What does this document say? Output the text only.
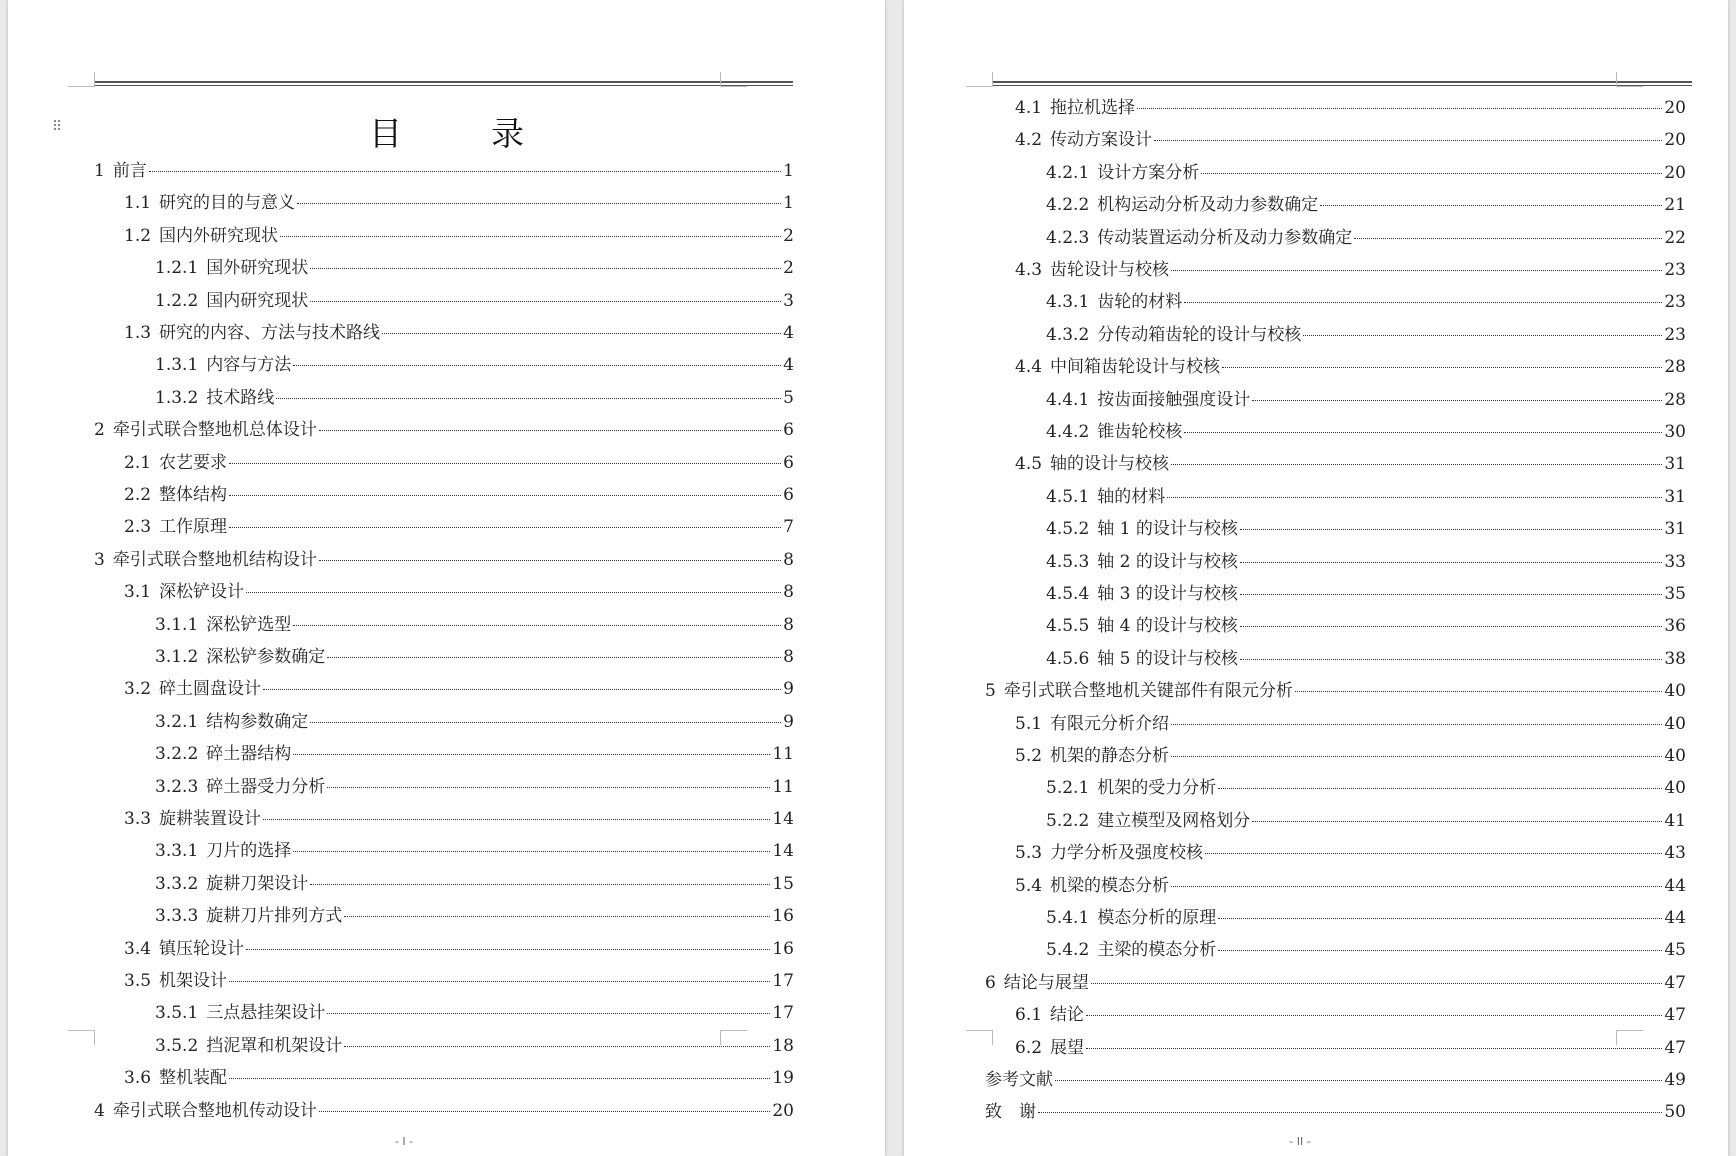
⠿	目　录
1 前言	1
1.1 研究的目的与意义	1
1.2 国内外研究现状	2
1.2.1 国外研究现状	2
1.2.2 国内研究现状	3
1.3 研究的内容、方法与技术路线	4
1.3.1 内容与方法	4
1.3.2 技术路线	5
2 牵引式联合整地机总体设计	6
2.1 农艺要求	6
2.2 整体结构	6
2.3 工作原理	7
3 牵引式联合整地机结构设计	8
3.1 深松铲设计	8
3.1.1 深松铲选型	8
3.1.2 深松铲参数确定	8
3.2 碎土圆盘设计	9
3.2.1 结构参数确定	9
3.2.2 碎土器结构	11
3.2.3 碎土器受力分析	11
3.3 旋耕装置设计	14
3.3.1 刀片的选择	14
3.3.2 旋耕刀架设计	15
3.3.3 旋耕刀片排列方式	16
3.4 镇压轮设计	16
3.5 机架设计	17
3.5.1 三点悬挂架设计	17
3.5.2 挡泥罩和机架设计	18
3.6 整机装配	19
4 牵引式联合整地机传动设计	20
- I -
4.1 拖拉机选择	20
4.2 传动方案设计	20
4.2.1 设计方案分析	20
4.2.2 机构运动分析及动力参数确定	21
4.2.3 传动装置运动分析及动力参数确定	22
4.3 齿轮设计与校核	23
4.3.1 齿轮的材料	23
4.3.2 分传动箱齿轮的设计与校核	23
4.4 中间箱齿轮设计与校核	28
4.4.1 按齿面接触强度设计	28
4.4.2 锥齿轮校核	30
4.5 轴的设计与校核	31
4.5.1 轴的材料	31
4.5.2 轴 1 的设计与校核	31
4.5.3 轴 2 的设计与校核	33
4.5.4 轴 3 的设计与校核	35
4.5.5 轴 4 的设计与校核	36
4.5.6 轴 5 的设计与校核	38
5 牵引式联合整地机关键部件有限元分析	40
5.1 有限元分析介绍	40
5.2 机架的静态分析	40
5.2.1 机架的受力分析	40
5.2.2 建立模型及网格划分	41
5.3 力学分析及强度校核	43
5.4 机梁的模态分析	44
5.4.1 模态分析的原理	44
5.4.2 主梁的模态分析	45
6 结论与展望	47
6.1 结论	47
6.2 展望	47
参考文献	49
致　谢	50
- II -
